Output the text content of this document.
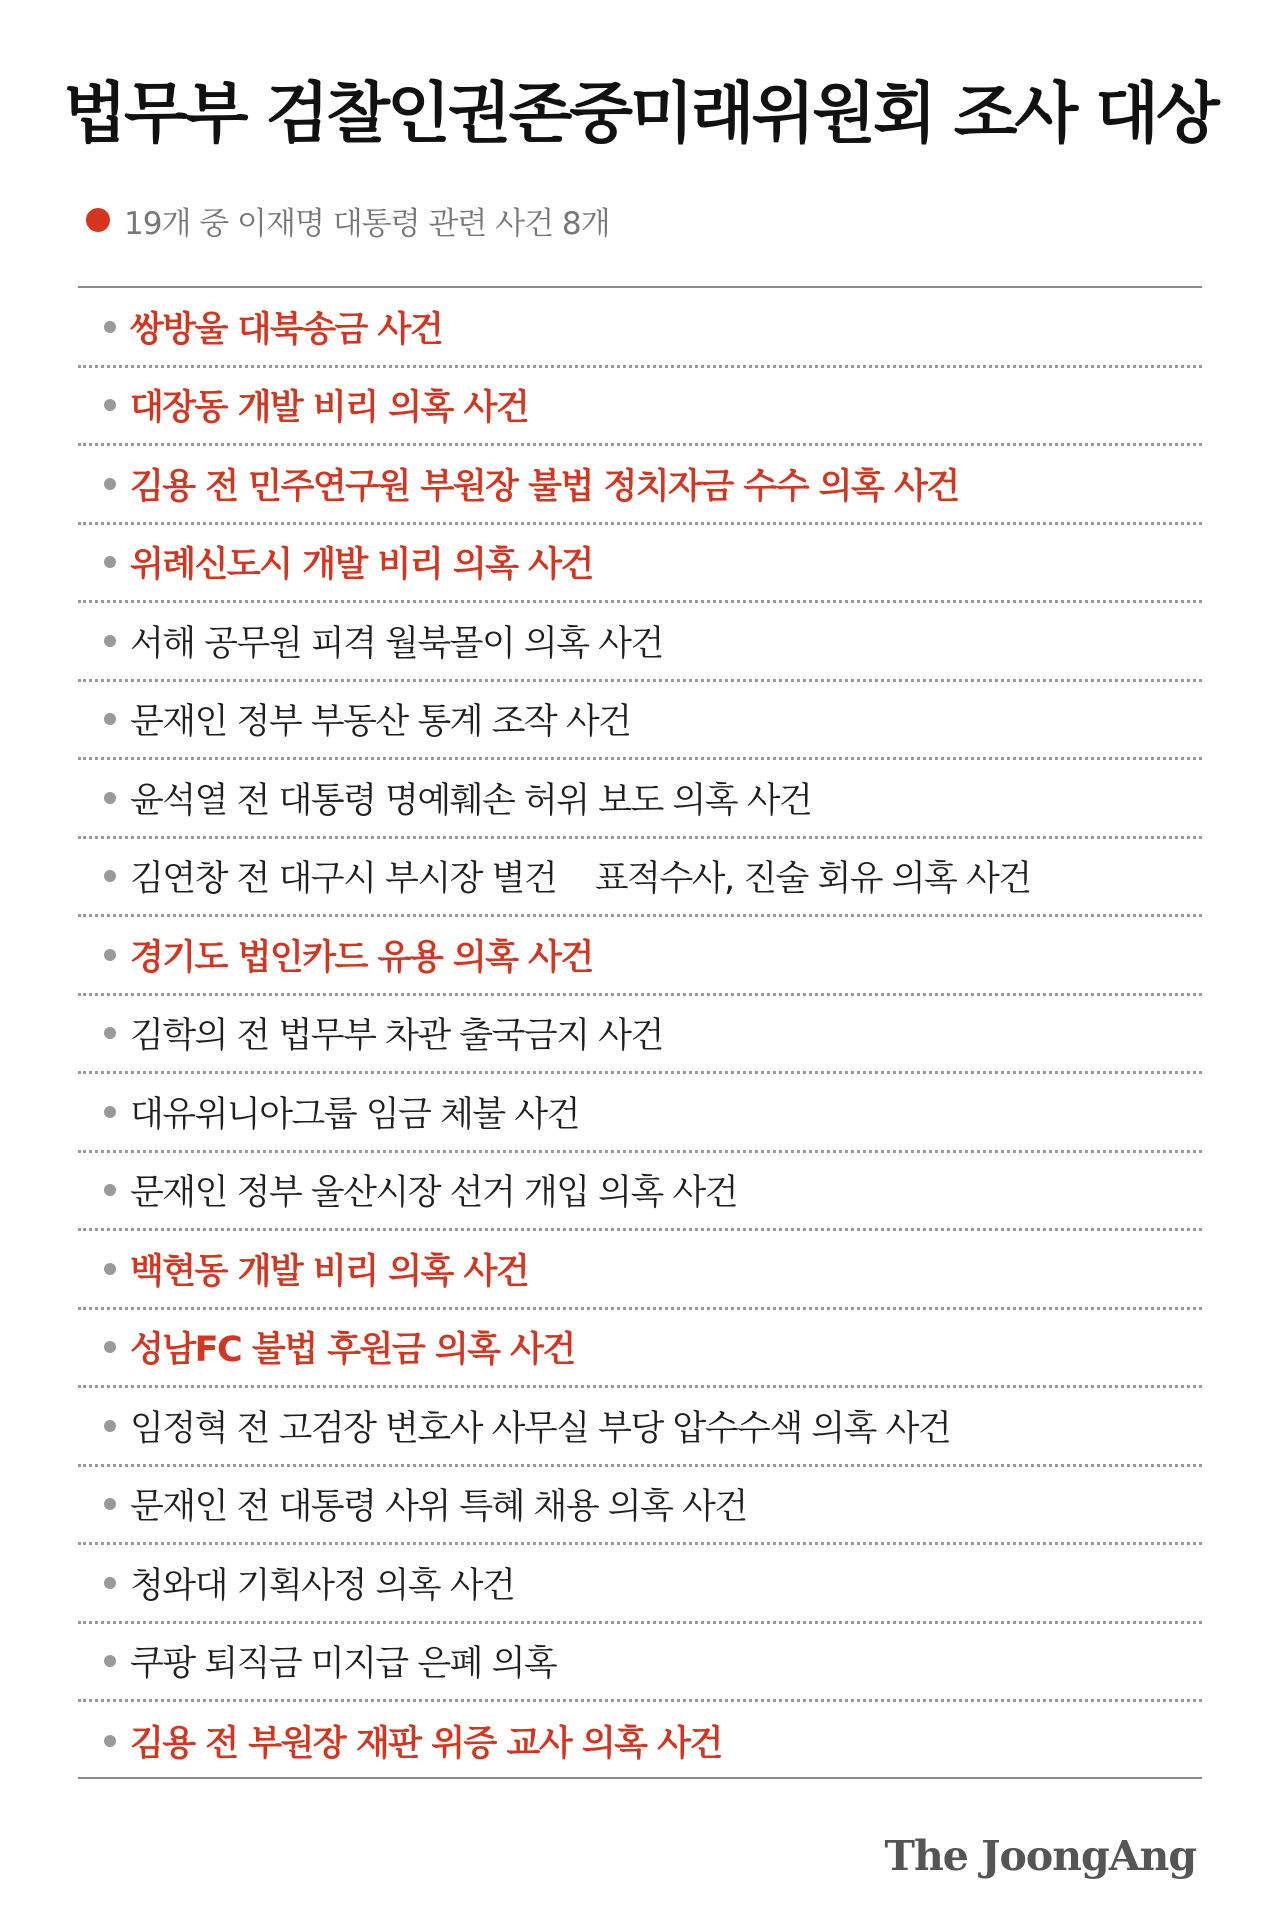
법무부 검찰인권존중미래위원회 조사 대상
19개 중 이재명 대통령 관련 사건 8개
쌍방울 대북송금 사건
대장동 개발 비리 의혹 사건
김용 전 민주연구원 부원장 불법 정치자금 수수 의혹 사건
위례신도시 개발 비리 의혹 사건
서해 공무원 피격 월북몰이 의혹 사건
문재인 정부 부동산 통계 조작 사건
윤석열 전 대통령 명예훼손 허위 보도 의혹 사건
김연창 전 대구시 부시장 별건    표적수사, 진술 회유 의혹 사건
경기도 법인카드 유용 의혹 사건
김학의 전 법무부 차관 출국금지 사건
대유위니아그룹 임금 체불 사건
문재인 정부 울산시장 선거 개입 의혹 사건
백현동 개발 비리 의혹 사건
성남FC 불법 후원금 의혹 사건
임정혁 전 고검장 변호사 사무실 부당 압수수색 의혹 사건
문재인 전 대통령 사위 특혜 채용 의혹 사건
청와대 기획사정 의혹 사건
쿠팡 퇴직금 미지급 은폐 의혹
김용 전 부원장 재판 위증 교사 의혹 사건
The JoongAng
